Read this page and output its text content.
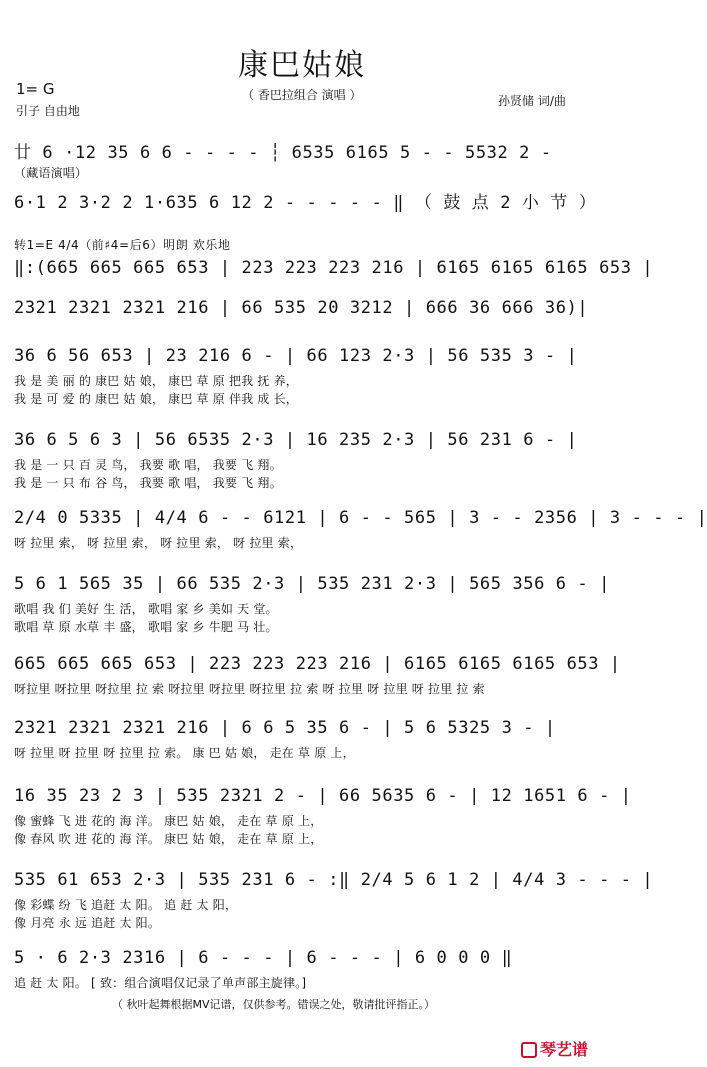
康巴姑娘
1= G	（ 香巴拉组合 演唱 ）
引子 自由地
孙贤储 词/曲
廿 6 ·12 35 6 6 - - - - ┆ 6535 6165 5 - - 5532 2 -
（藏语演唱）
6·1 2 3·2 2 1·635 6 12 2 - - - - - ‖ （ 鼓 点 2 小 节 ）
转1=E 4/4（前♯4=后6）明朗 欢乐地
‖:(665 665 665 653 | 223 223 223 216 | 6165 6165 6165 653 |
2321 2321 2321 216 | 66 535 20 3212 | 666 36 666 36)|
36 6 56 653 | 23 216 6 - | 66 123 2·3 | 56 535 3 - |
我 是 美 丽 的 康巴 姑 娘， 康巴 草 原 把我 抚 养，
我 是 可 爱 的 康巴 姑 娘， 康巴 草 原 伴我 成 长，
36 6 5 6 3 | 56 6535 2·3 | 16 235 2·3 | 56 231 6 - |
我 是 一 只 百 灵 鸟， 我要 歌 唱， 我要 飞 翔。
我 是 一 只 布 谷 鸟， 我要 歌 唱， 我要 飞 翔。
2/4 0 5335 | 4/4 6 - - 6121 | 6 - - 565 | 3 - - 2356 | 3 - - - |
呀 拉里 索， 呀 拉里 索， 呀 拉里 索， 呀 拉里 索，
5 6 1 565 35 | 66 535 2·3 | 535 231 2·3 | 565 356 6 - |
歌唱 我 们 美好 生 活， 歌唱 家 乡 美如 天 堂。
歌唱 草 原 水草 丰 盛， 歌唱 家 乡 牛肥 马 壮。
665 665 665 653 | 223 223 223 216 | 6165 6165 6165 653 |
呀拉里 呀拉里 呀拉里 拉 索 呀拉里 呀拉里 呀拉里 拉 索 呀 拉里 呀 拉里 呀 拉里 拉 索
2321 2321 2321 216 | 6 6 5 35 6 - | 5 6 5325 3 - |
呀 拉里 呀 拉里 呀 拉里 拉 索。 康 巴 姑 娘， 走在 草 原 上，
16 35 23 2 3 | 535 2321 2 - | 66 5635 6 - | 12 1651 6 - |
像 蜜蜂 飞 进 花的 海 洋。 康巴 姑 娘， 走在 草 原 上，
像 春风 吹 进 花的 海 洋。 康巴 姑 娘， 走在 草 原 上，
535 61 653 2·3 | 535 231 6 - :‖ 2/4 5 6 1 2 | 4/4 3 - - - |
像 彩蝶 纷 飞 追赶 太 阳。 追 赶 太 阳，
像 月亮 永 远 追赶 太 阳。
5 · 6 2·3 2316 | 6 - - - | 6 - - - | 6 0 0 0 ‖
追 赶 太 阳。 [ 致：组合演唱仅记录了单声部主旋律。]
（ 秋叶起舞根据MV记谱，仅供参考。错误之处，敬请批评指正。）
琴艺谱
